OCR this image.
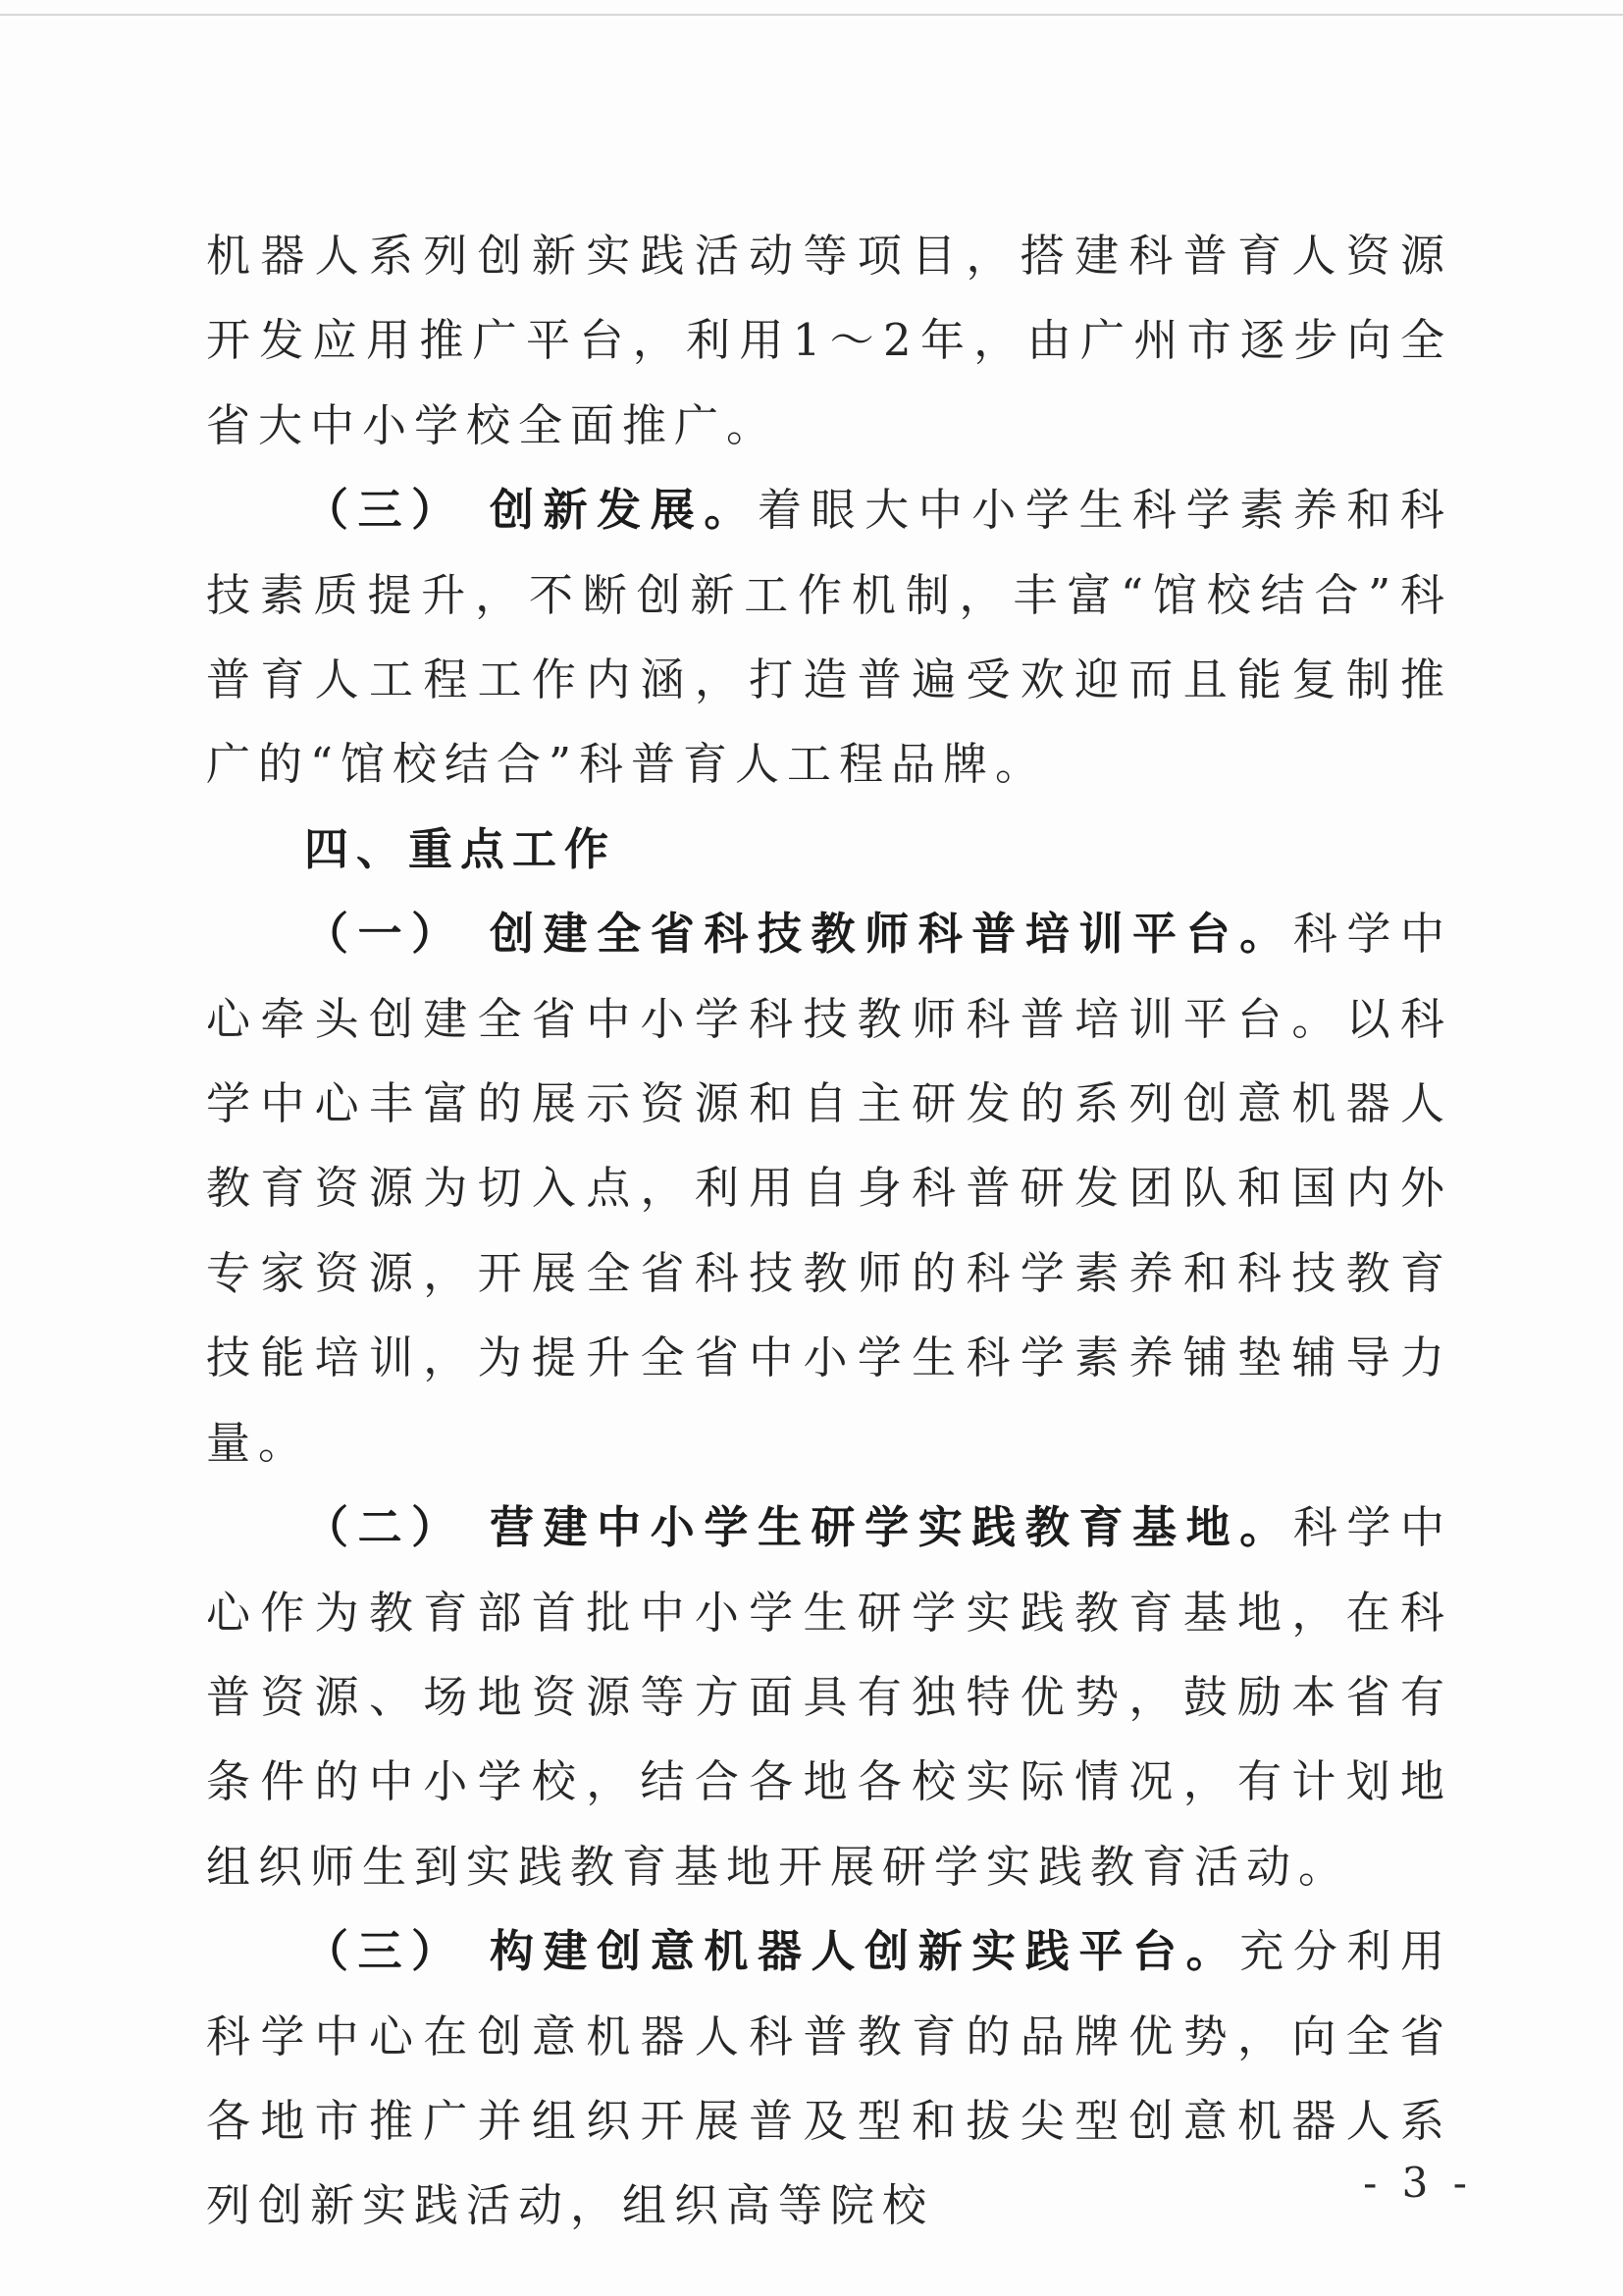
机器人系列创新实践活动等项目，搭建科普育人资源开发应用推广平台，利用1～2年，由广州市逐步向全省大中小学校全面推广。

（三） 创新发展。着眼大中小学生科学素养和科技素质提升，不断创新工作机制，丰富“馆校结合”科普育人工程工作内涵，打造普遍受欢迎而且能复制推广的“馆校结合”科普育人工程品牌。

四、重点工作

（一） 创建全省科技教师科普培训平台。科学中心牵头创建全省中小学科技教师科普培训平台。以科学中心丰富的展示资源和自主研发的系列创意机器人教育资源为切入点，利用自身科普研发团队和国内外专家资源，开展全省科技教师的科学素养和科技教育技能培训，为提升全省中小学生科学素养铺垫辅导力量。

（二） 营建中小学生研学实践教育基地。科学中心作为教育部首批中小学生研学实践教育基地，在科普资源、场地资源等方面具有独特优势，鼓励本省有条件的中小学校，结合各地各校实际情况，有计划地组织师生到实践教育基地开展研学实践教育活动。

（三） 构建创意机器人创新实践平台。充分利用科学中心在创意机器人科普教育的品牌优势，向全省各地市推广并组织开展普及型和拔尖型创意机器人系列创新实践活动，组织高等院校	- 3 -
